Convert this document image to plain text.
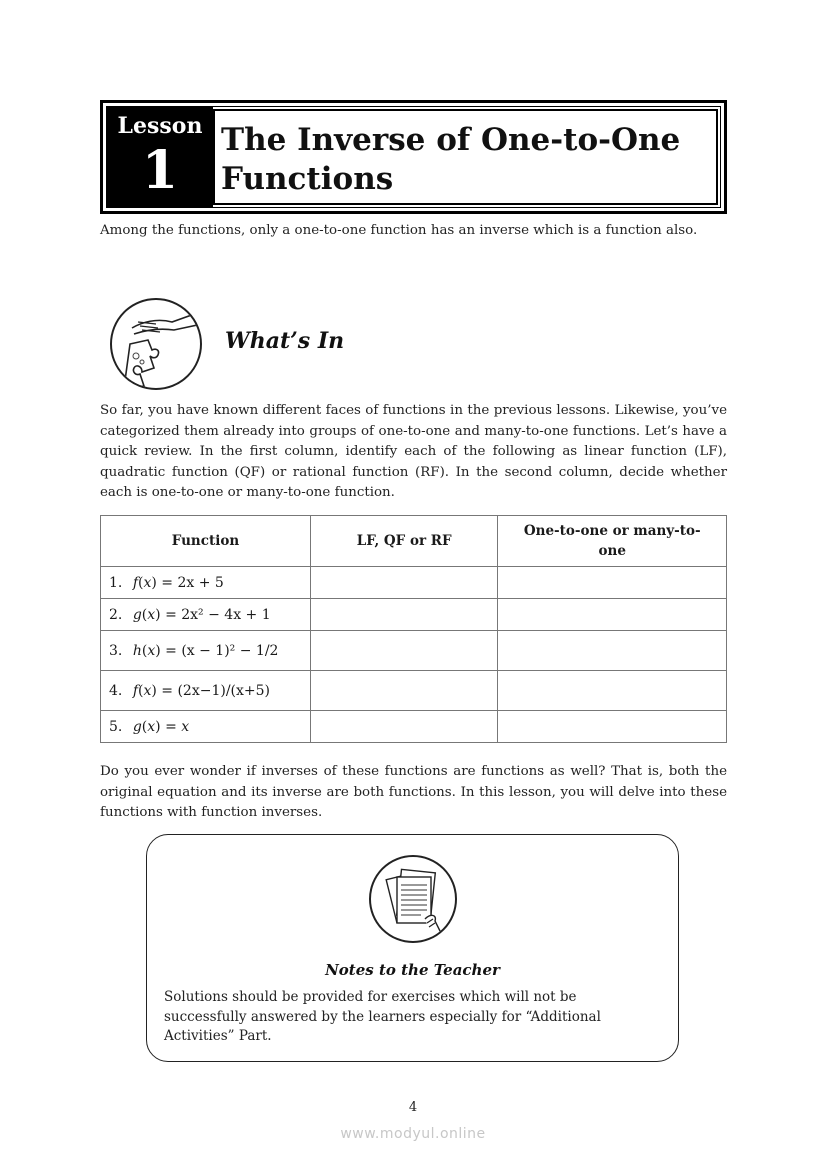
Lesson
1 The Inverse of One-to-One Functions

Among the functions, only a one-to-one function has an inverse which is a function also.

What’s In

So far, you have known different faces of functions in the previous lessons. Likewise, you’ve categorized them already into groups of one-to-one and many-to-one functions. Let’s have a quick review. In the first column, identify each of the following as linear function (LF), quadratic function (QF) or rational function (RF). In the second column, decide whether each is one-to-one or many-to-one function.

Function	LF, QF or RF	One-to-one or many-to-one
1. f(x) = 2x + 5		
2. g(x) = 2x² − 4x + 1		
3. h(x) = (x − 1)² − 1/2		
4. f(x) = (2x−1)/(x+5)		
5. g(x) = x		

Do you ever wonder if inverses of these functions are functions as well? That is, both the original equation and its inverse are both functions. In this lesson, you will delve into these functions with function inverses.

Notes to the Teacher

Solutions should be provided for exercises which will not be successfully answered by the learners especially for “Additional Activities” Part.

4
www.modyul.online
